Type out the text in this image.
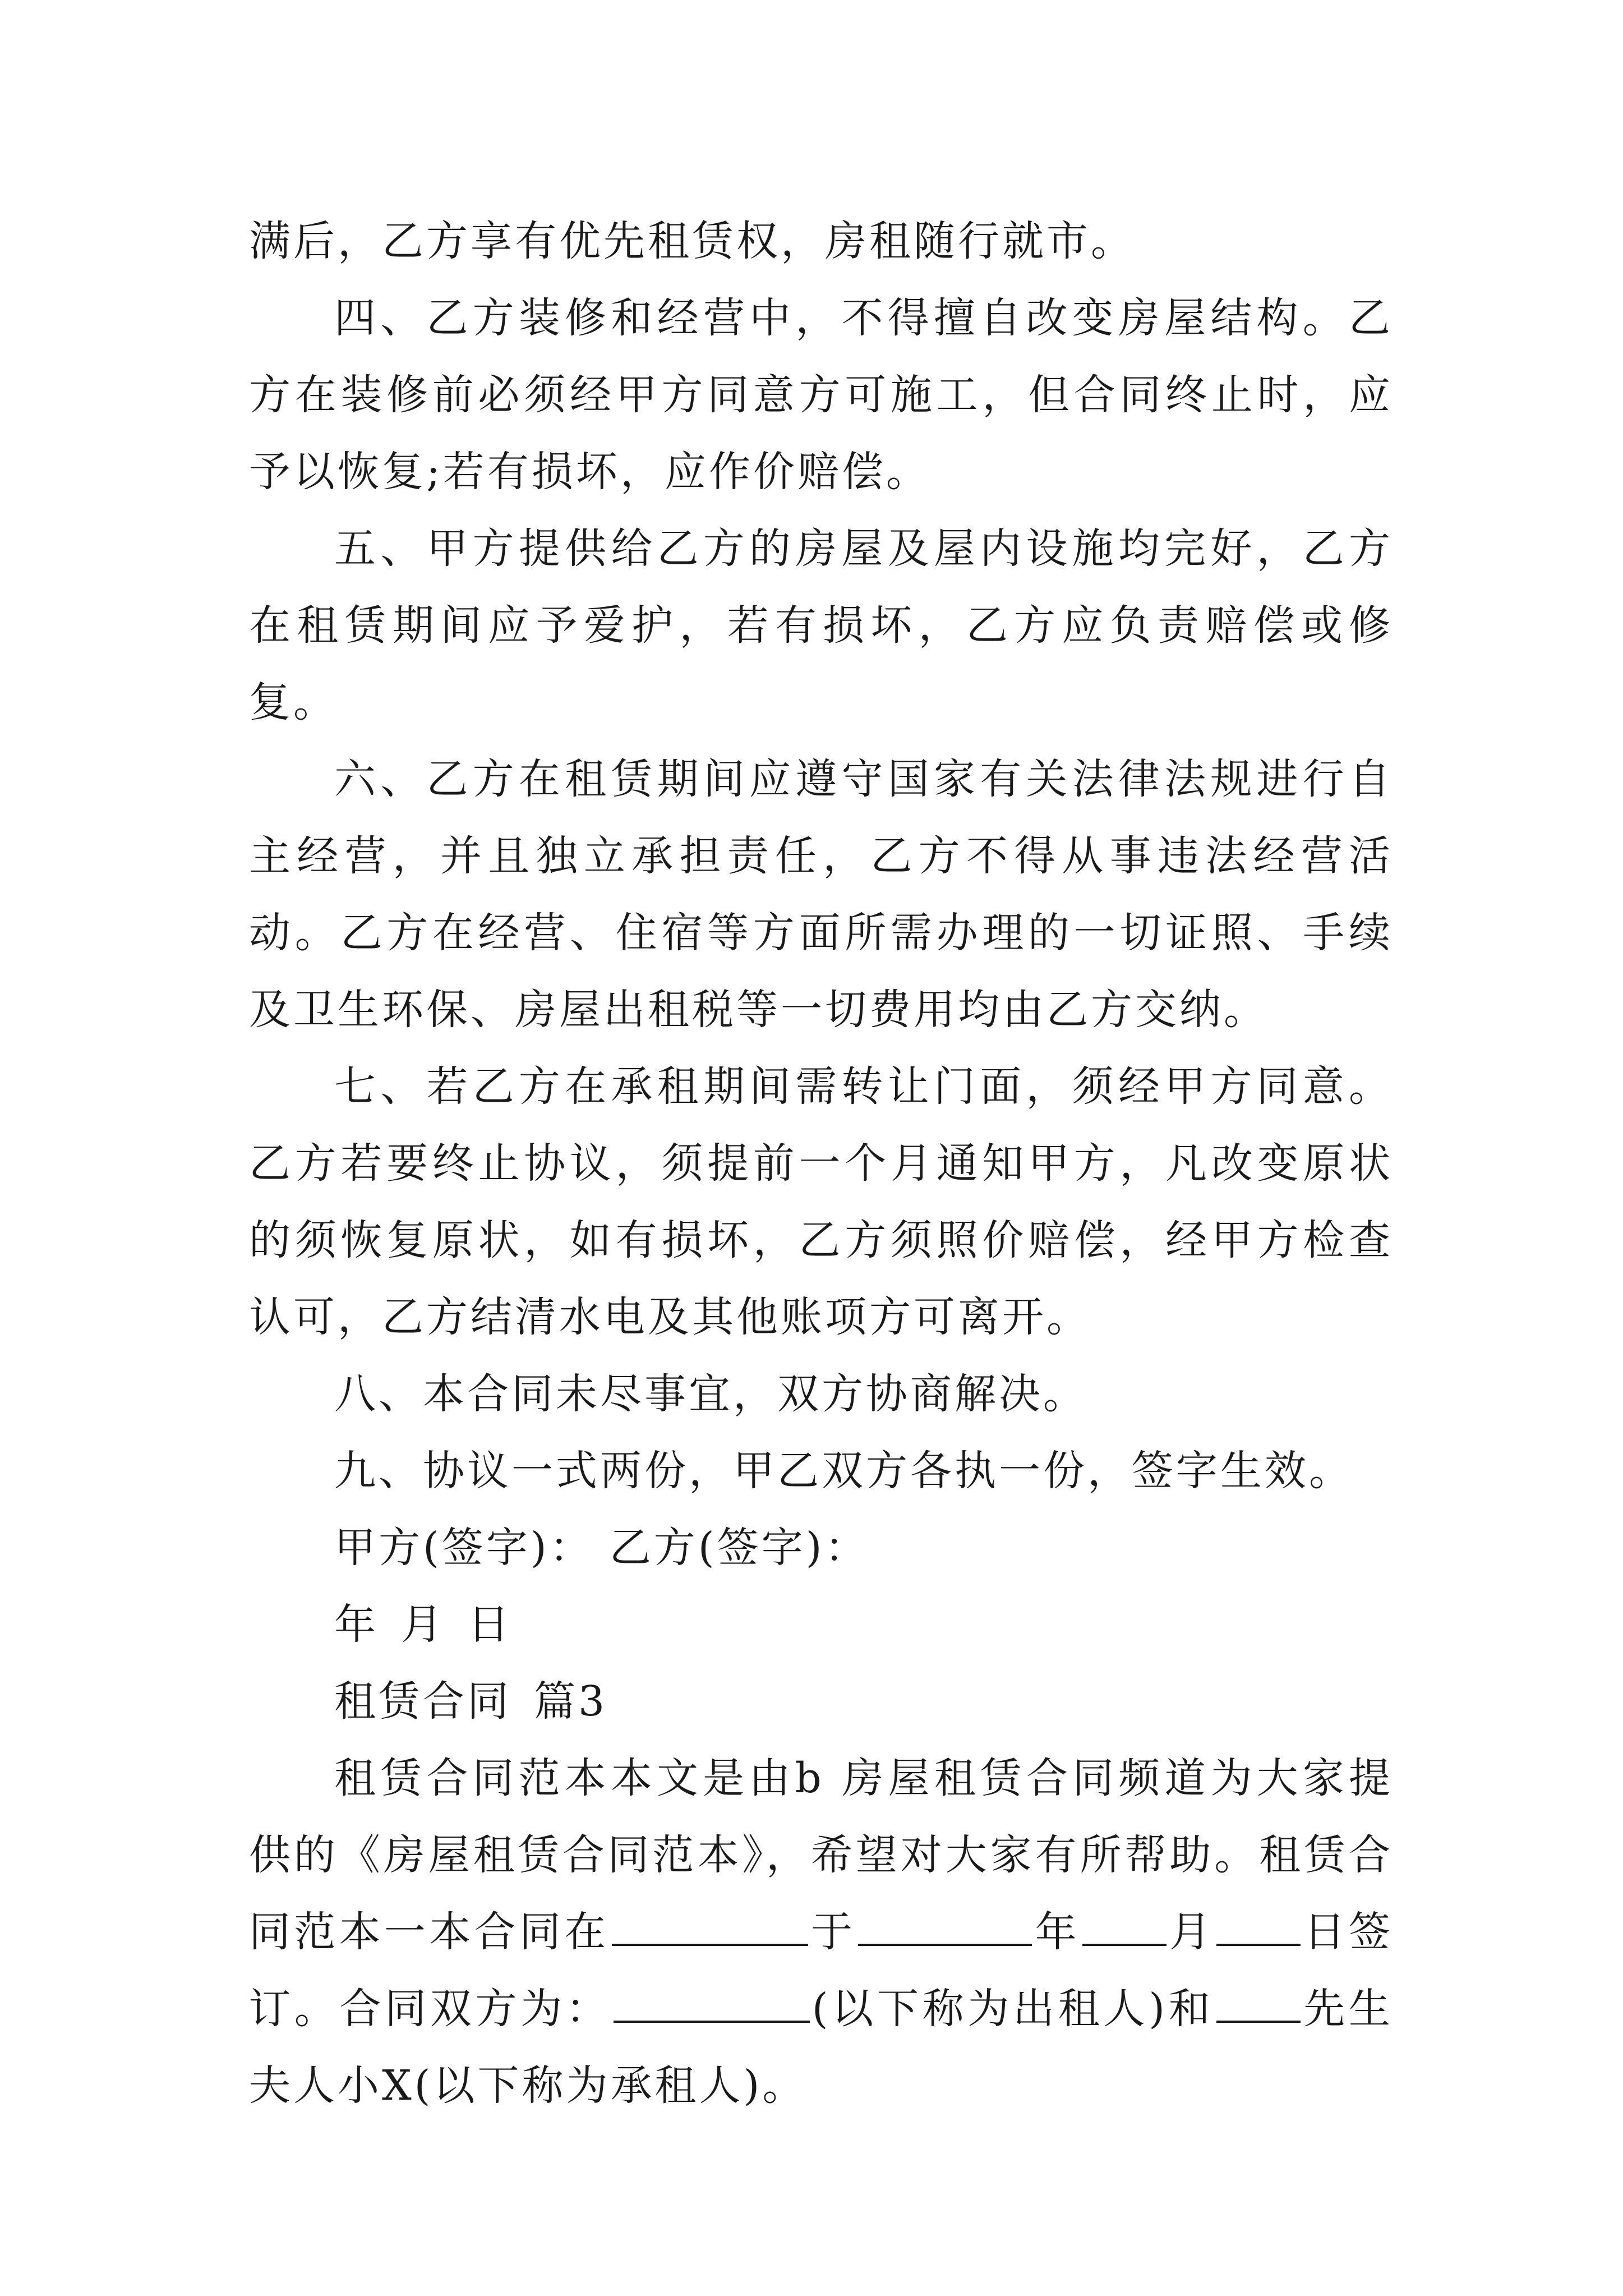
满后，乙方享有优先租赁权，房租随行就市。

四、乙方装修和经营中，不得擅自改变房屋结构。乙方在装修前必须经甲方同意方可施工，但合同终止时，应予以恢复;若有损坏，应作价赔偿。

五、甲方提供给乙方的房屋及屋内设施均完好，乙方在租赁期间应予爱护，若有损坏，乙方应负责赔偿或修复。

六、乙方在租赁期间应遵守国家有关法律法规进行自主经营，并且独立承担责任，乙方不得从事违法经营活动。乙方在经营、住宿等方面所需办理的一切证照、手续及卫生环保、房屋出租税等一切费用均由乙方交纳。

七、若乙方在承租期间需转让门面，须经甲方同意。乙方若要终止协议，须提前一个月通知甲方，凡改变原状的须恢复原状，如有损坏，乙方须照价赔偿，经甲方检查认可，乙方结清水电及其他账项方可离开。

八、本合同未尽事宜，双方协商解决。

九、协议一式两份，甲乙双方各执一份，签字生效。

甲方(签字)： 乙方(签字)：

年 月 日

租赁合同 篇3

租赁合同范本本文是由b 房屋租赁合同频道为大家提供的《房屋租赁合同范本》，希望对大家有所帮助。租赁合同范本一本合同在	于	年 月 日签订。合同双方为：	(以下称为出租人)和 先生夫人小X(以下称为承租人)。
